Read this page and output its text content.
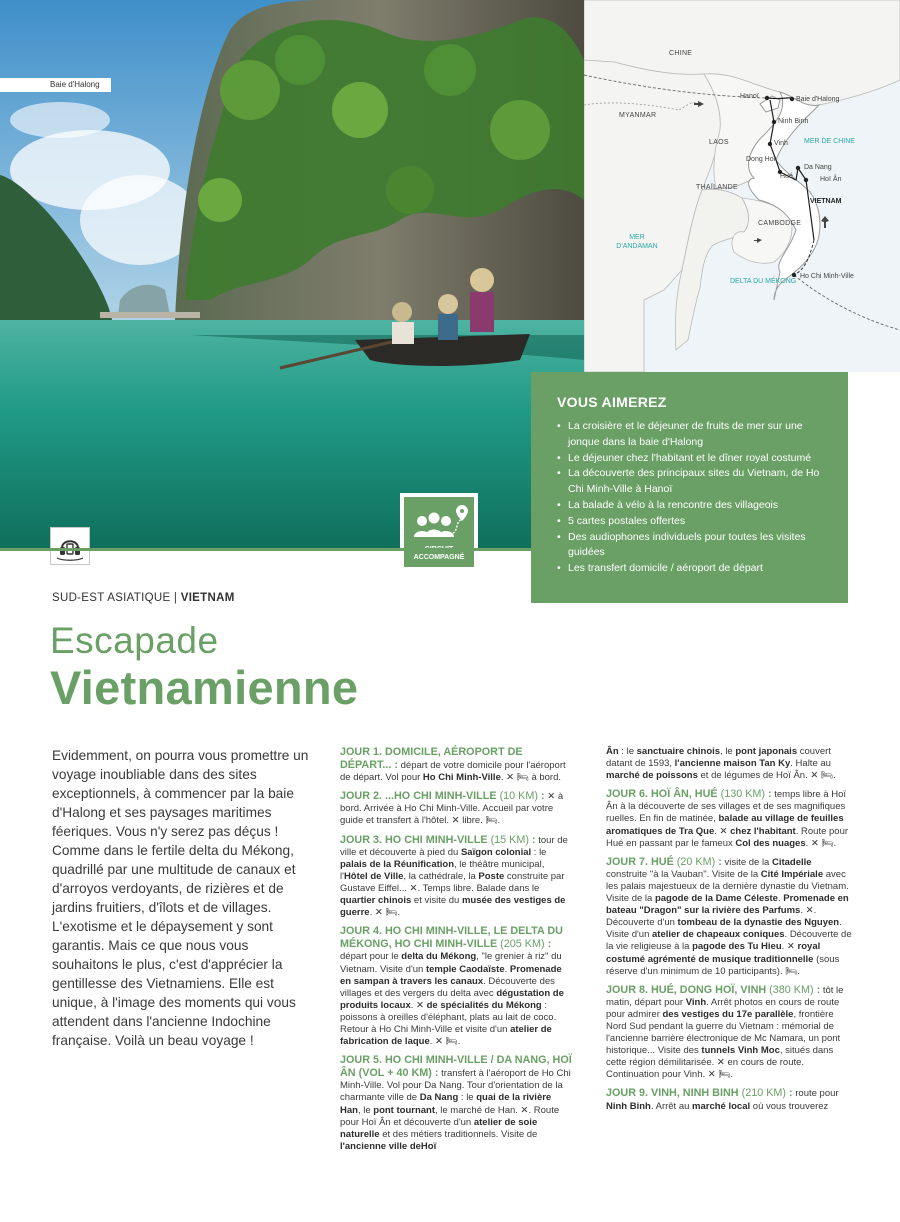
Baie d'Halong
CHINE
MYANMAR
LAOS
THAÏLANDE
CAMBODGE
VIETNAM
MER DE CHINE
MER D'ANDAMAN
DELTA DU MÉKONG
Hanoï	Baie d'Halong
Ninh Binh
Vinh
Dong Hoï
Hué
Da Nang
Hoï Ân
Ho Chi Minh-Ville
VOUS AIMEREZ
• La croisière et le déjeuner de fruits de mer sur une jonque dans la baie d'Halong
• Le déjeuner chez l'habitant et le dîner royal costumé
• La découverte des principaux sites du Vietnam, de Ho Chi Minh-Ville à Hanoï
• La balade à vélo à la rencontre des villageois
• 5 cartes postales offertes
• Des audiophones individuels pour toutes les visites guidées
• Les transfert domicile / aéroport de départ
ACCOMPAGNÉ
SUD-EST ASIATIQUE | VIETNAM
Escapade
Vietnamienne
Evidemment, on pourra vous promettre un voyage inoubliable dans des sites exceptionnels, à commencer par la baie d'Halong et ses paysages maritimes féeriques. Vous n'y serez pas déçus ! Comme dans le fertile delta du Mékong, quadrillé par une multitude de canaux et d'arroyos verdoyants, de rizières et de jardins fruitiers, d'îlots et de villages. L'exotisme et le dépaysement y sont garantis. Mais ce que nous vous souhaitons le plus, c'est d'apprécier la gentillesse des Vietnamiens. Elle est unique, à l'image des moments qui vous attendent dans l'ancienne Indochine française. Voilà un beau voyage !

JOUR 1. DOMICILE, AÉROPORT DE DÉPART... : départ de votre domicile pour l'aéroport de départ. Vol pour Ho Chi Minh-Ville. ✕ 🛏 à bord.

JOUR 2. ...HO CHI MINH-VILLE (10 KM) : ✕ à bord. Arrivée à Ho Chi Minh-Ville. Accueil par votre guide et transfert à l'hôtel. ✕ libre. 🛏.

JOUR 3. HO CHI MINH-VILLE (15 KM) : tour de ville et découverte à pied du Saïgon colonial : le palais de la Réunification, le théâtre municipal, l'Hôtel de Ville, la cathédrale, la Poste construite par Gustave Eiffel... ✕. Temps libre. Balade dans le quartier chinois et visite du musée des vestiges de guerre. ✕ 🛏.

JOUR 4. HO CHI MINH-VILLE, LE DELTA DU MÉKONG, HO CHI MINH-VILLE (205 KM) : départ pour le delta du Mékong, "le grenier à riz" du Vietnam. Visite d'un temple Caodaïste. Promenade en sampan à travers les canaux. Découverte des villages et des vergers du delta avec dégustation de produits locaux. ✕ de spécialités du Mékong : poissons à oreilles d'éléphant, plats au lait de coco. Retour à Ho Chi Minh-Ville et visite d'un atelier de fabrication de laque. ✕ 🛏.

JOUR 5. HO CHI MINH-VILLE / DA NANG, HOÏ ÂN (VOL + 40 KM) : transfert à l'aéroport de Ho Chi Minh-Ville. Vol pour Da Nang. Tour d'orientation de la charmante ville de Da Nang : le quai de la rivière Han, le pont tournant, le marché de Han. ✕. Route pour Hoï Ân et découverte d'un atelier de soie naturelle et des métiers traditionnels. Visite de l'ancienne ville deHoï

Ân : le sanctuaire chinois, le pont japonais couvert datant de 1593, l'ancienne maison Tan Ky. Halte au marché de poissons et de légumes de Hoï Ân. ✕ 🛏.

JOUR 6. HOÏ ÂN, HUÉ (130 KM) : temps libre à Hoï Ân à la découverte de ses villages et de ses magnifiques ruelles. En fin de matinée, balade au village de feuilles aromatiques de Tra Que. ✕ chez l'habitant. Route pour Hué en passant par le fameux Col des nuages. ✕ 🛏.

JOUR 7. HUÉ (20 KM) : visite de la Citadelle construite "à la Vauban". Visite de la Cité Impériale avec les palais majestueux de la dernière dynastie du Vietnam. Visite de la pagode de la Dame Céleste. Promenade en bateau "Dragon" sur la rivière des Parfums. ✕. Découverte d'un tombeau de la dynastie des Nguyen. Visite d'un atelier de chapeaux coniques. Découverte de la vie religieuse à la pagode des Tu Hieu. ✕ royal costumé agrémenté de musique traditionnelle (sous réserve d'un minimum de 10 participants). 🛏.

JOUR 8. HUÉ, DONG HOÏ, VINH (380 KM) : tôt le matin, départ pour Vinh. Arrêt photos en cours de route pour admirer des vestiges du 17e parallèle, frontière Nord Sud pendant la guerre du Vietnam : mémorial de l'ancienne barrière électronique de Mc Namara, un pont historique... Visite des tunnels Vinh Moc, situés dans cette région démilitarisée. ✕ en cours de route. Continuation pour Vinh. ✕ 🛏.

JOUR 9. VINH, NINH BINH (210 KM) : route pour Ninh Binh. Arrêt au marché local où vous trouverez
